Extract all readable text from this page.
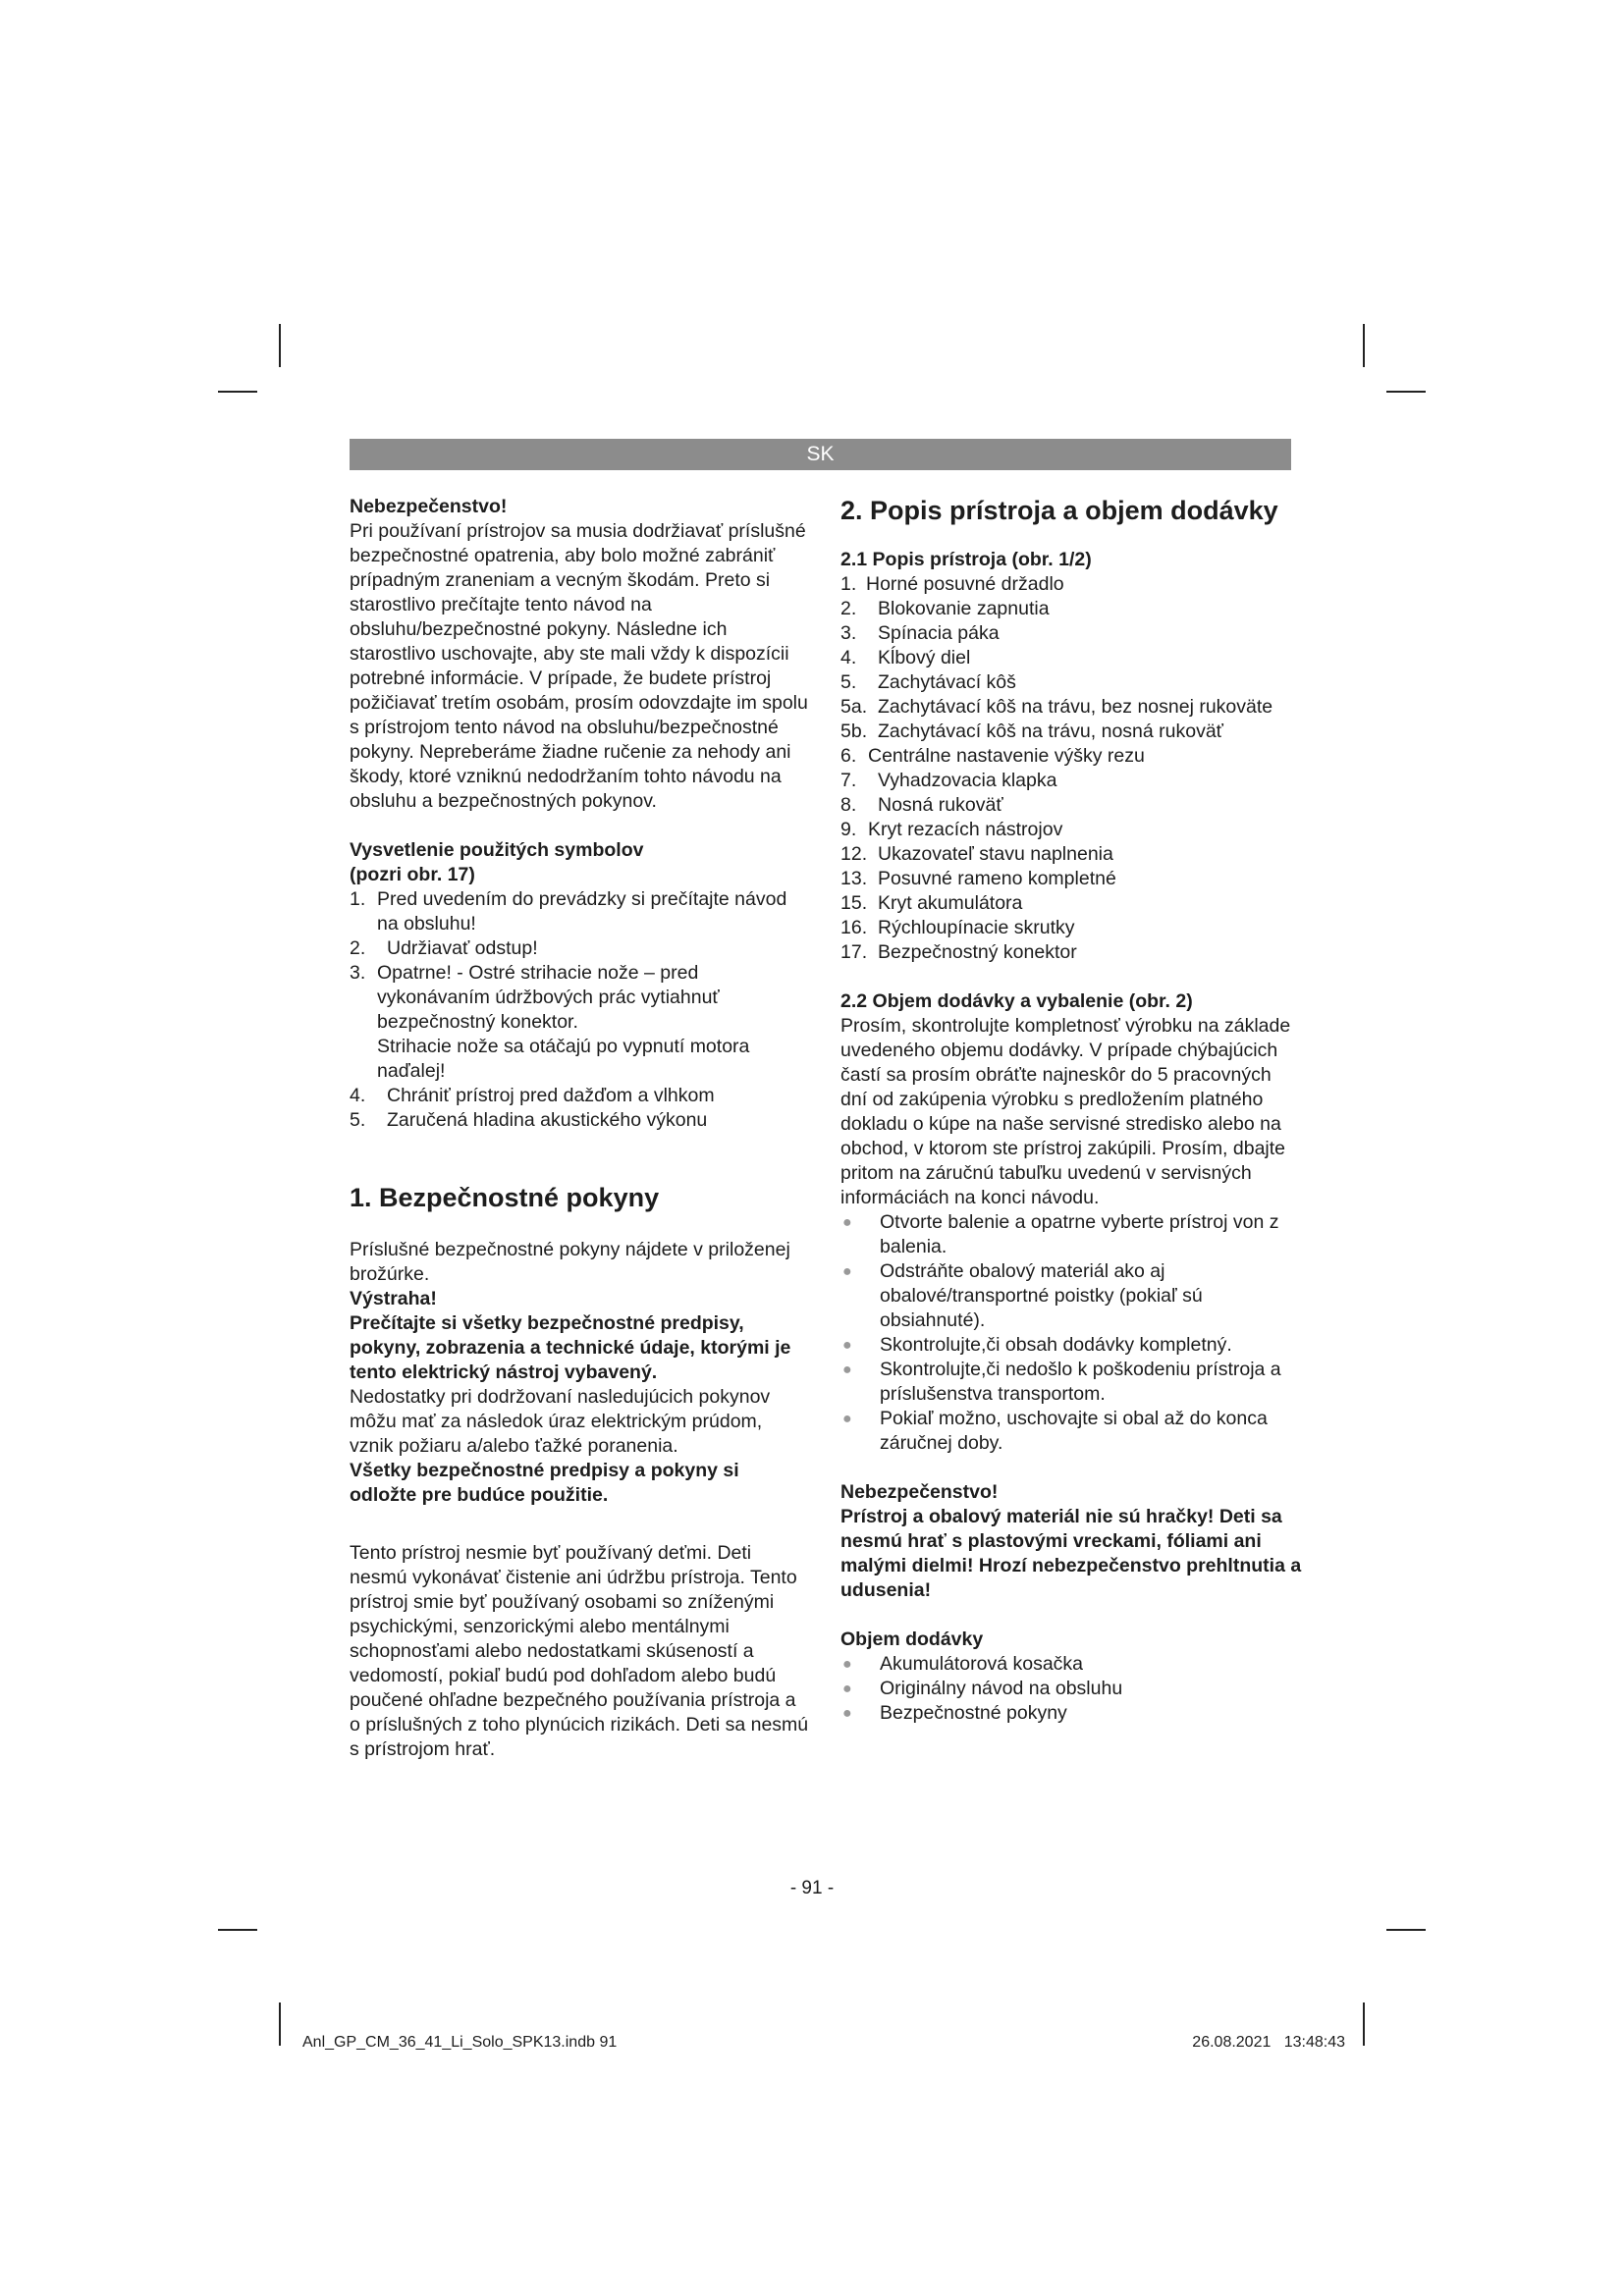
SK

Nebezpečenstvo!

Pri používaní prístrojov sa musia dodržiavať príslušné bezpečnostné opatrenia, aby bolo možné zabrániť prípadným zraneniam a vecným škodám. Preto si starostlivo prečítajte tento návod na obsluhu/bezpečnostné pokyny. Následne ich starostlivo uschovajte, aby ste mali vždy k dispozícii potrebné informácie. V prípade, že budete prístroj požičiavať tretím osobám, prosím odovzdajte im spolu s prístrojom tento návod na obsluhu/bezpečnostné pokyny. Nepreberáme žiadne ručenie za nehody ani škody, ktoré vzniknú nedodržaním tohto návodu na obsluhu a bezpečnostných pokynov.

Vysvetlenie použitých symbolov

(pozri obr. 17)

1. Pred uvedením do prevádzky si prečítajte návod na obsluhu!
2.	Udržiavať odstup!
3. Opatrne! - Ostré strihacie nože – pred vykonávaním údržbových prác vytiahnuť bezpečnostný konektor.
Strihacie nože sa otáčajú po vypnutí motora naďalej!
4.	Chrániť prístroj pred dažďom a vlhkom
5.	Zaručená hladina akustického výkonu

1. Bezpečnostné pokyny

Príslušné bezpečnostné pokyny nájdete v priloženej brožúrke.

Výstraha!

Prečítajte si všetky bezpečnostné predpisy, pokyny, zobrazenia a technické údaje, ktorými je tento elektrický nástroj vybavený.

Nedostatky pri dodržovaní nasledujúcich pokynov môžu mať za následok úraz elektrickým prúdom, vznik požiaru a/alebo ťažké poranenia.

Všetky bezpečnostné predpisy a pokyny si odložte pre budúce použitie.

Tento prístroj nesmie byť používaný deťmi. Deti nesmú vykonávať čistenie ani údržbu prístroja. Tento prístroj smie byť používaný osobami so zníženými psychickými, senzorickými alebo mentálnymi schopnosťami alebo nedostatkami skúseností a vedomostí, pokiaľ budú pod dohľadom alebo budú poučené ohľadne bezpečného používania prístroja a o príslušných z toho plynúcich rizikách. Deti sa nesmú s prístrojom hrať.

2. Popis prístroja a objem dodávky

2.1 Popis prístroja (obr. 1/2)

1. Horné posuvné držadlo
2.	Blokovanie zapnutia
3.	Spínacia páka
4.	Kĺbový diel
5.	Zachytávací kôš
5a. Zachytávací kôš na trávu, bez nosnej rukoväte
5b. Zachytávací kôš na trávu, nosná rukoväť
6. Centrálne nastavenie výšky rezu
7.	Vyhadzovacia klapka
8.	Nosná rukoväť
9. Kryt rezacích nástrojov
12. Ukazovateľ stavu naplnenia
13. Posuvné rameno kompletné
15. Kryt akumulátora
16. Rýchloupínacie skrutky
17. Bezpečnostný konektor

2.2 Objem dodávky a vybalenie (obr. 2)

Prosím, skontrolujte kompletnosť výrobku na základe uvedeného objemu dodávky. V prípade chýbajúcich častí sa prosím obráťte najneskôr do 5 pracovných dní od zakúpenia výrobku s predložením platného dokladu o kúpe na naše servisné stredisko alebo na obchod, v ktorom ste prístroj zakúpili. Prosím, dbajte pritom na záručnú tabuľku uvedenú v servisných informáciách na konci návodu.

●	Otvorte balenie a opatrne vyberte prístroj von z balenia.
●	Odstráňte obalový materiál ako aj obalové/transportné poistky (pokiaľ sú obsiahnuté).
●	Skontrolujte,či obsah dodávky kompletný.
●	Skontrolujte,či nedošlo k poškodeniu prístroja a príslušenstva transportom.
●	Pokiaľ možno, uschovajte si obal až do konca záručnej doby.

Nebezpečenstvo!

Prístroj a obalový materiál nie sú hračky! Deti sa nesmú hrať s plastovými vreckami, fóliami ani malými dielmi! Hrozí nebezpečenstvo prehltnutia a udusenia!

Objem dodávky

●	Akumulátorová kosačka
●	Originálny návod na obsluhu
●	Bezpečnostné pokyny
- 91 -
Anl_GP_CM_36_41_Li_Solo_SPK13.indb 91	26.08.2021   13:48:43
